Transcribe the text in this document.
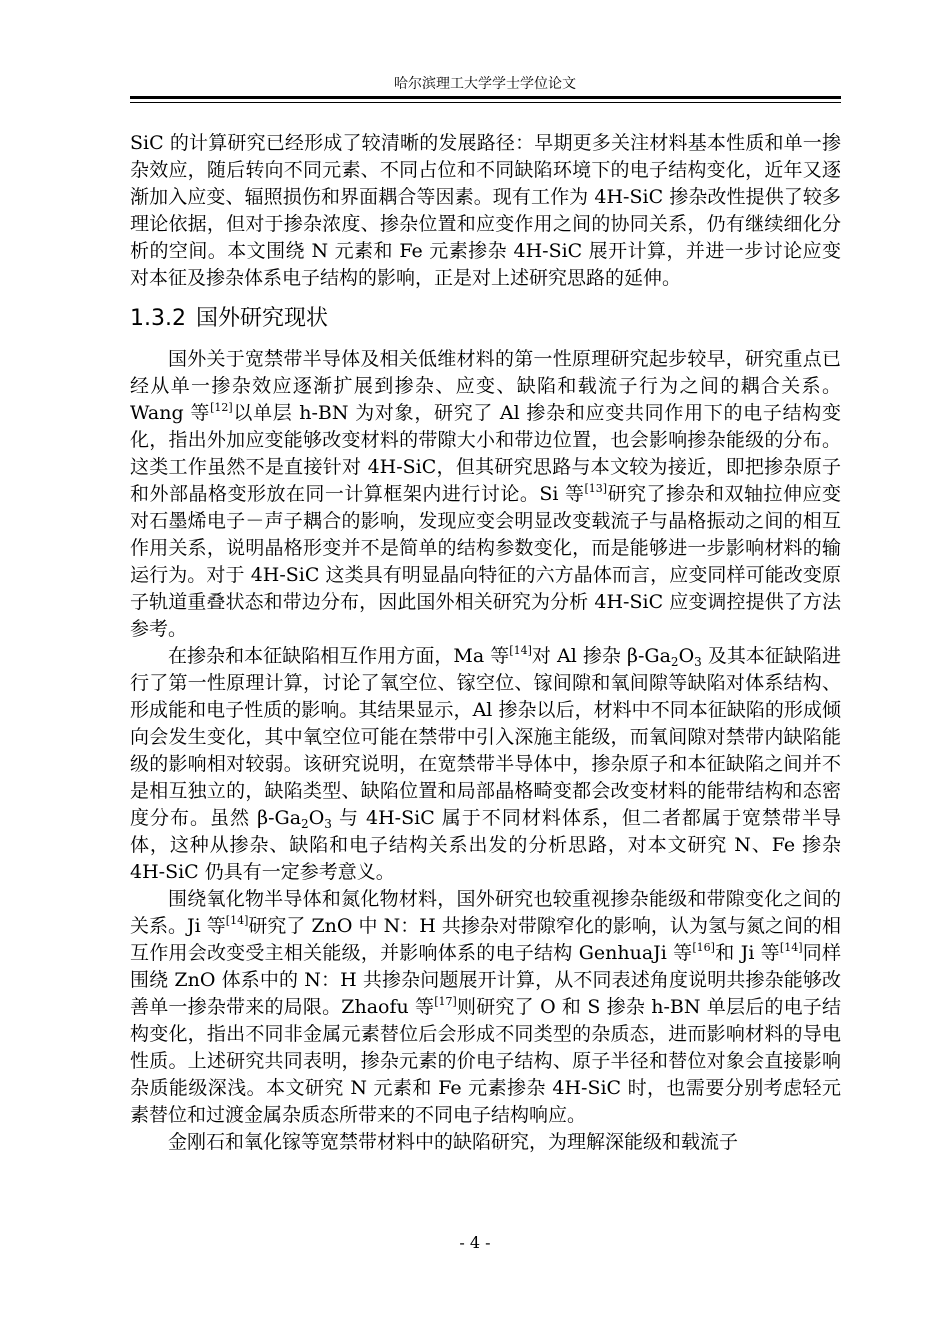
哈尔滨理工大学学士学位论文

SiC 的计算研究已经形成了较清晰的发展路径：早期更多关注材料基本性质和单一掺杂效应，随后转向不同元素、不同占位和不同缺陷环境下的电子结构变化，近年又逐渐加入应变、辐照损伤和界面耦合等因素。现有工作为 4H-SiC 掺杂改性提供了较多理论依据，但对于掺杂浓度、掺杂位置和应变作用之间的协同关系，仍有继续细化分析的空间。本文围绕 N 元素和 Fe 元素掺杂 4H-SiC 展开计算，并进一步讨论应变对本征及掺杂体系电子结构的影响，正是对上述研究思路的延伸。

1.3.2 国外研究现状

国外关于宽禁带半导体及相关低维材料的第一性原理研究起步较早，研究重点已经从单一掺杂效应逐渐扩展到掺杂、应变、缺陷和载流子行为之间的耦合关系。Wang 等[12]以单层 h-BN 为对象，研究了 Al 掺杂和应变共同作用下的电子结构变化，指出外加应变能够改变材料的带隙大小和带边位置，也会影响掺杂能级的分布。这类工作虽然不是直接针对 4H-SiC，但其研究思路与本文较为接近，即把掺杂原子和外部晶格变形放在同一计算框架内进行讨论。Si 等[13]研究了掺杂和双轴拉伸应变对石墨烯电子－声子耦合的影响，发现应变会明显改变载流子与晶格振动之间的相互作用关系，说明晶格形变并不是简单的结构参数变化，而是能够进一步影响材料的输运行为。对于 4H-SiC 这类具有明显晶向特征的六方晶体而言，应变同样可能改变原子轨道重叠状态和带边分布，因此国外相关研究为分析 4H-SiC 应变调控提供了方法参考。

在掺杂和本征缺陷相互作用方面，Ma 等[14]对 Al 掺杂 $\beta-Ga_2O_3$ 及其本征缺陷进行了第一性原理计算，讨论了氧空位、镓空位、镓间隙和氧间隙等缺陷对体系结构、形成能和电子性质的影响。其结果显示，Al 掺杂以后，材料中不同本征缺陷的形成倾向会发生变化，其中氧空位可能在禁带中引入深施主能级，而氧间隙对禁带内缺陷能级的影响相对较弱。该研究说明，在宽禁带半导体中，掺杂原子和本征缺陷之间并不是相互独立的，缺陷类型、缺陷位置和局部晶格畸变都会改变材料的能带结构和态密度分布。虽然 $\beta-Ga_2O_3$ 与 4H-SiC 属于不同材料体系，但二者都属于宽禁带半导体，这种从掺杂、缺陷和电子结构关系出发的分析思路，对本文研究 N、Fe 掺杂 4H-SiC 仍具有一定参考意义。

围绕氧化物半导体和氮化物材料，国外研究也较重视掺杂能级和带隙变化之间的关系。Ji 等[14]研究了 ZnO 中 N：H 共掺杂对带隙窄化的影响，认为氢与氮之间的相互作用会改变受主相关能级，并影响体系的电子结构 GenhuaJi 等[16]和 Ji 等[14]同样围绕 ZnO 体系中的 N：H 共掺杂问题展开计算，从不同表述角度说明共掺杂能够改善单一掺杂带来的局限。Zhaofu 等[17]则研究了 O 和 S 掺杂 h-BN 单层后的电子结构变化，指出不同非金属元素替位后会形成不同类型的杂质态，进而影响材料的导电性质。上述研究共同表明，掺杂元素的价电子结构、原子半径和替位对象会直接影响杂质能级深浅。本文研究 N 元素和 Fe 元素掺杂 4H-SiC 时，也需要分别考虑轻元素替位和过渡金属杂质态所带来的不同电子结构响应。

金刚石和氧化镓等宽禁带材料中的缺陷研究，为理解深能级和载流子

- 4 -
